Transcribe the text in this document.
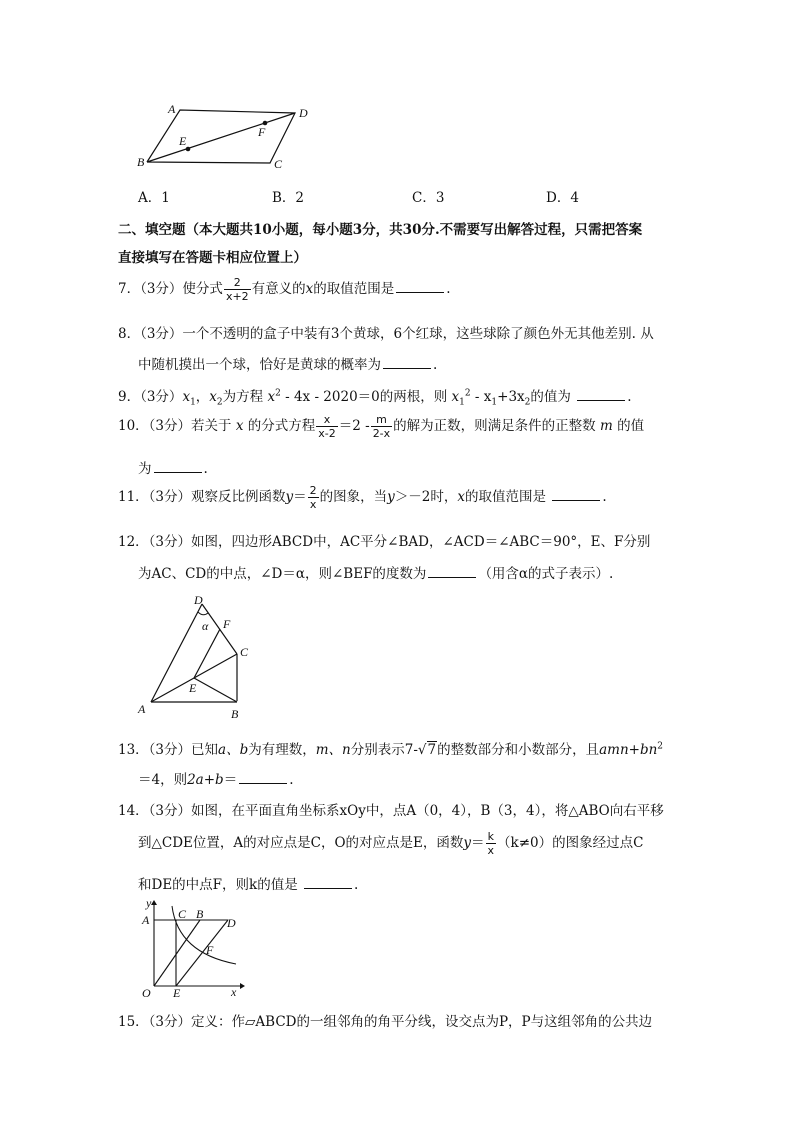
A	D
B	C
E
F
A．1	B．2	C．3	D．4
二、填空题（本大题共10小题，每小题3分，共30分.不需要写出解答过程，只需把答案
直接填写在答题卡相应位置上）
7．（3分）使分式 $\frac{2}{x+2}$ 有意义的x的取值范围是	.
8．（3分）一个不透明的盒子中装有3个黄球，6个红球，这些球除了颜色外无其他差别. 从
中随机摸出一个球，恰好是黄球的概率为	.
9．（3分）$x_1$，$x_2$为方程 $x^2 - 4x - 2020=0$的两根，则 $x_1^2 - x_1+3x_2$的值为	.
10．（3分）若关于 x 的分式方程 $\frac{x}{x-2} =2 - \frac{m}{2-x}$ 的解为正数，则满足条件的正整数 m 的值
为	.
11．（3分）观察反比例函数$y= \frac{2}{x}$ 的图象，当y＞－2时，x的取值范围是	.
12．（3分）如图，四边形ABCD中，AC平分∠BAD，∠ACD＝∠ABC＝90°，E、F分别
为AC、CD的中点，∠D＝α，则∠BEF的度数为	（用含α的式子表示）.
D
α F
C
E
A	B
13．（3分）已知a、b为有理数，m、n分别表示7-√7的整数部分和小数部分，且$amn+bn^2$
＝4，则2a+b＝	.
14．（3分）如图，在平面直角坐标系xOy中，点A（0，4），B（3，4），将△ABO向右平移
到△CDE位置，A的对应点是C，O的对应点是E，函数$y= \frac{k}{x} (k\ne 0)$的图象经过点C
和DE的中点F，则k的值是	.
y
A C B
D
F
O E	x
15．（3分）定义：作▱ABCD的一组邻角的角平分线，设交点为P，P与这组邻角的公共边
